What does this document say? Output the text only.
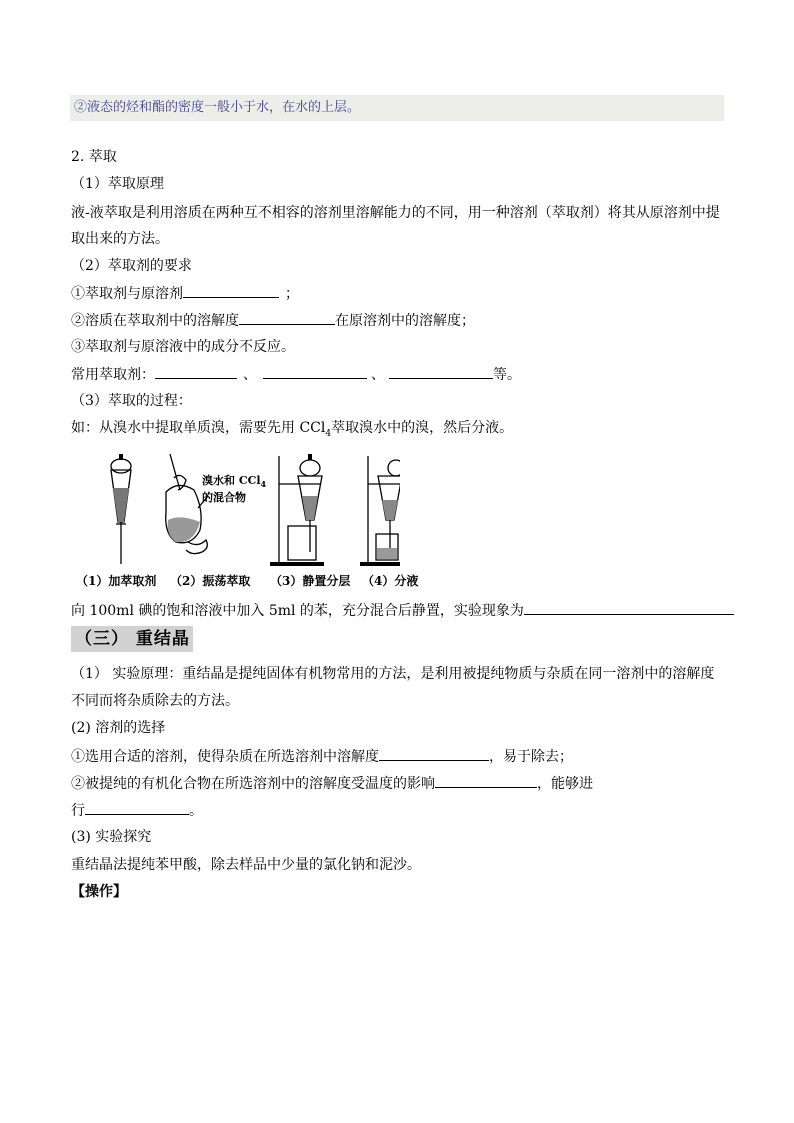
②液态的烃和酯的密度一般小于水，在水的上层。
2. 萃取
（1）萃取原理
液-液萃取是利用溶质在两种互不相容的溶剂里溶解能力的不同，用一种溶剂（萃取剂）将其从原溶剂中提
取出来的方法。
（2）萃取剂的要求
①萃取剂与原溶剂	；
②溶质在萃取剂中的溶解度	在原溶剂中的溶解度；
③萃取剂与原溶液中的成分不反应。
常用萃取剂：	、	、	等。
（3）萃取的过程：
如：从溴水中提取单质溴，需要先用 CCl$_4$萃取溴水中的溴，然后分液。
溴水和 CCl$_4$
的混合物
（1）加萃取剂 （2）振荡萃取 （3）静置分层 （4）分液
向 100ml 碘的饱和溶液中加入 5ml 的苯，充分混合后静置，实验现象为
（三） 重结晶
（1） 实验原理：重结晶是提纯固体有机物常用的方法，是利用被提纯物质与杂质在同一溶剂中的溶解度
不同而将杂质除去的方法。
(2) 溶剂的选择
①选用合适的溶剂，使得杂质在所选溶剂中溶解度	，易于除去；
②被提纯的有机化合物在所选溶剂中的溶解度受温度的影响	，能够进
行	。
(3) 实验探究
重结晶法提纯苯甲酸，除去样品中少量的氯化钠和泥沙。
【操作】
